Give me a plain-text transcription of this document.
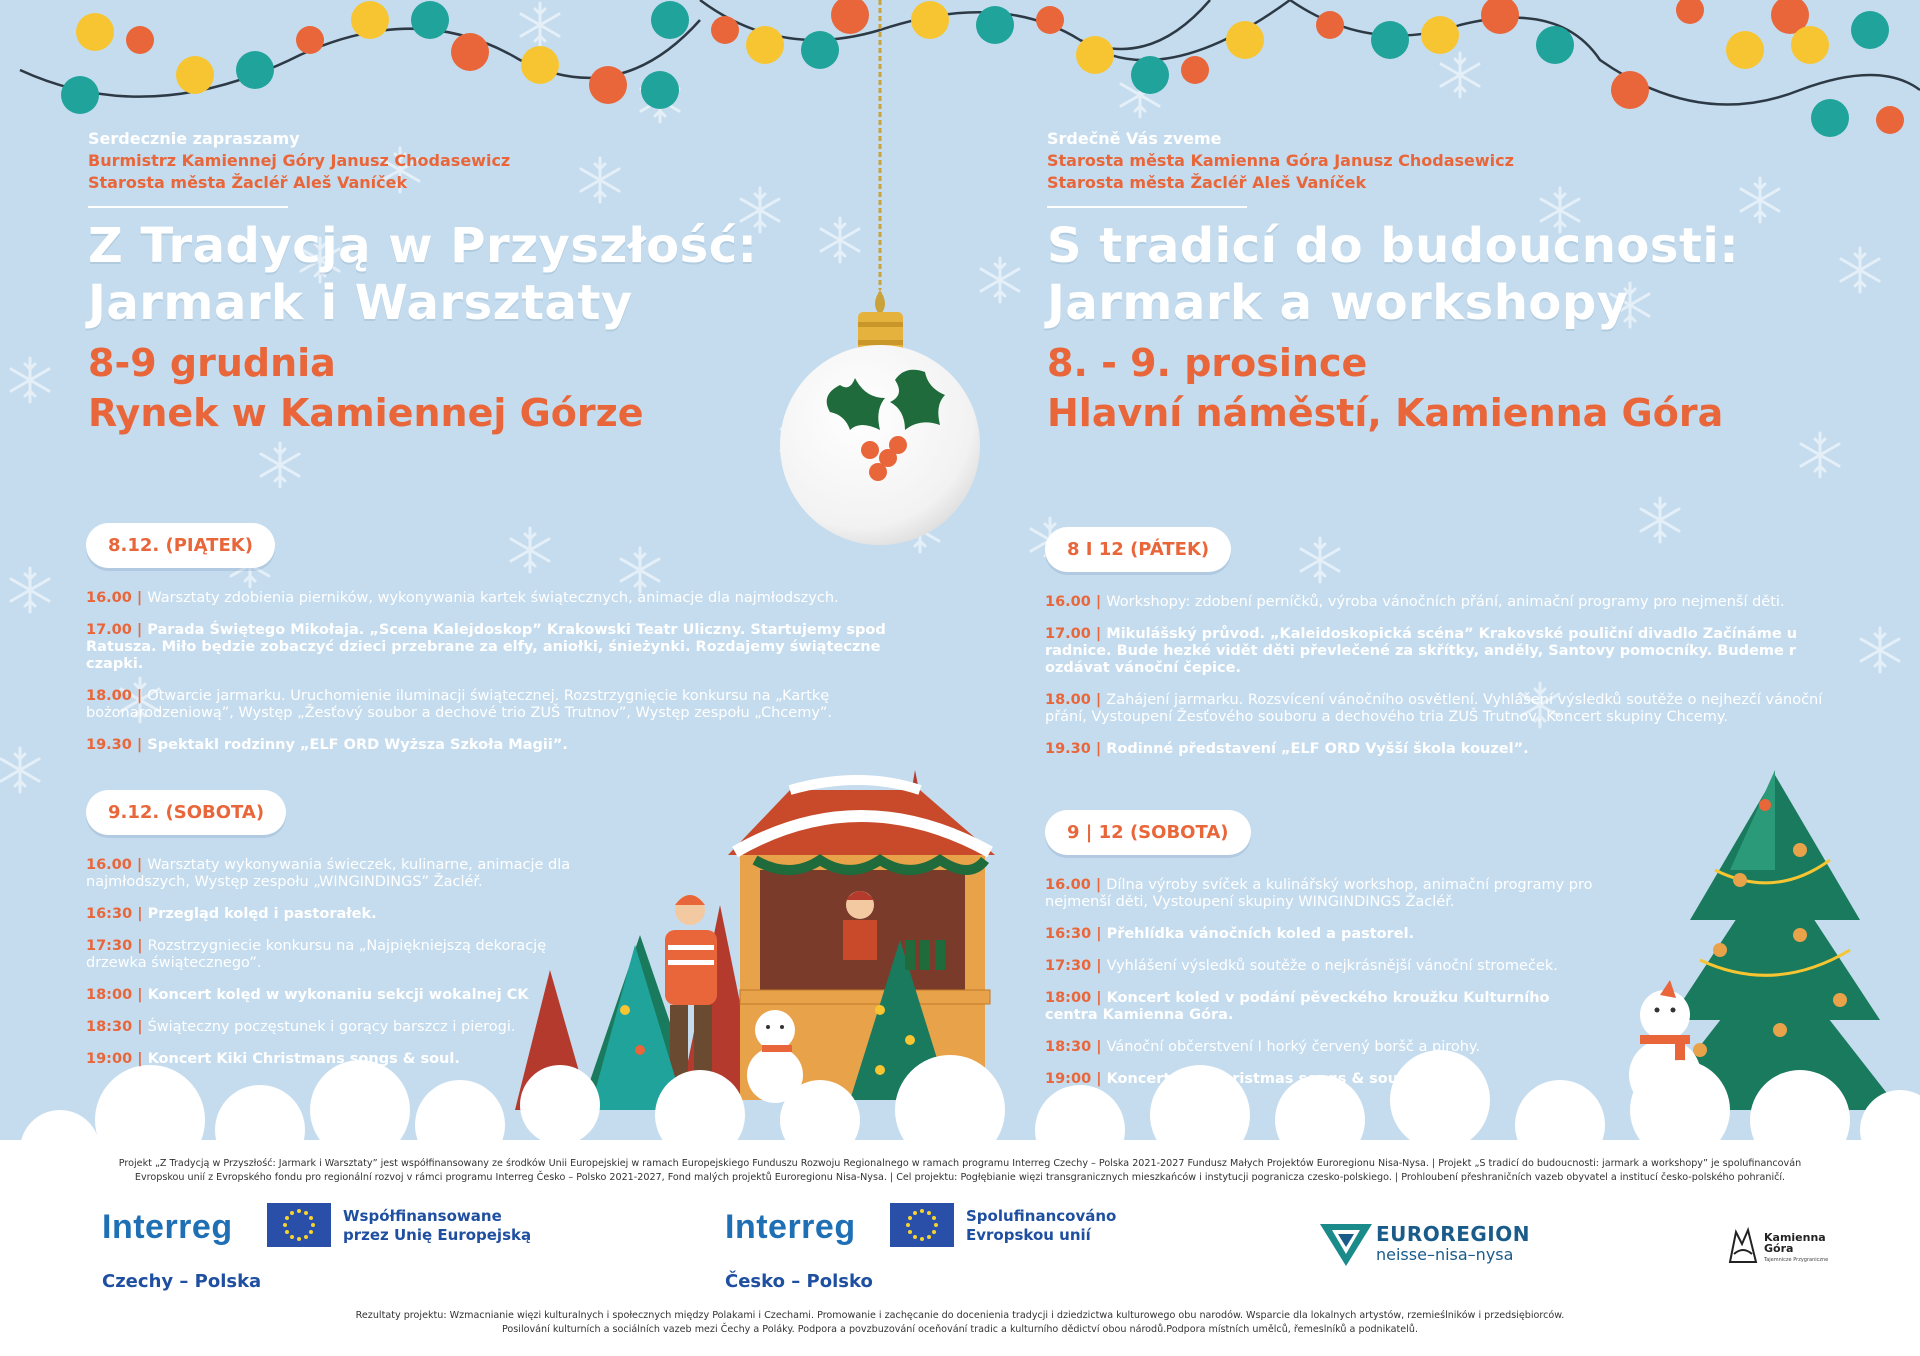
Serdecznie zapraszamy
Burmistrz Kamiennej Góry Janusz Chodasewicz
Starosta města Žacléř Aleš Vaníček
Z Tradycją w Przyszłość:
Jarmark i Warsztaty
8-9 grudnia
Rynek w Kamiennej Górze
8.12. (PIĄTEK)
16.00 | Warsztaty zdobienia pierników, wykonywania kartek świątecznych, animacje dla najmłodszych.
17.00 | Parada Świętego Mikołaja. „Scena Kalejdoskop” Krakowski Teatr Uliczny. Startujemy spod Ratusza. Miło będzie zobaczyć dzieci przebrane za elfy, aniołki, śnieżynki. Rozdajemy świąteczne czapki.
18.00 | Otwarcie jarmarku. Uruchomienie iluminacji świątecznej. Rozstrzygnięcie konkursu na „Kartkę bożonarodzeniową”, Występ „Žesťový soubor a dechové trio ZUŠ Trutnov”, Występ zespołu „Chcemy”.
19.30 | Spektakl rodzinny „ELF ORD Wyższa Szkoła Magii”.
9.12. (SOBOTA)
16.00 | Warsztaty wykonywania świeczek, kulinarne, animacje dla najmłodszych, Występ zespołu „WINGINDINGS” Žacléř.
16:30 | Przegląd kolęd i pastorałek.
17:30 | Rozstrzygniecie konkursu na „Najpiękniejszą dekorację drzewka świątecznego”.
18:00 | Koncert kolęd w wykonaniu sekcji wokalnej CK
18:30 | Świąteczny poczęstunek i gorący barszcz i pierogi.
19:00 | Koncert Kiki Christmans songs & soul.
Srdečně Vás zveme
Starosta města Kamienna Góra Janusz Chodasewicz
Starosta města Žacléř Aleš Vaníček
S tradicí do budoucnosti:
Jarmark a workshopy
8. - 9. prosince
Hlavní náměstí, Kamienna Góra
8 I 12 (PÁTEK)
16.00 | Workshopy: zdobení perníčků, výroba vánočních přání, animační programy pro nejmenší děti.
17.00 | Mikulášský průvod. „Kaleidoskopická scéna” Krakovské pouliční divadlo Začínáme u radnice. Bude hezké vidět děti převlečené za skřítky, anděly, Santovy pomocníky. Budeme r ozdávat vánoční čepice.
18.00 | Zahájení jarmarku. Rozsvícení vánočního osvětlení. Vyhlášení výsledků soutěže o nejhezčí vánoční přání, Vystoupení Žesťového souboru a dechového tria ZUŠ Trutnov, Koncert skupiny Chcemy.
19.30 | Rodinné představení „ELF ORD Vyšší škola kouzel”.
9 | 12 (SOBOTA)
16.00 | Dílna výroby svíček a kulinářský workshop, animační programy pro nejmenší děti, Vystoupení skupiny WINGINDINGS Žacléř.
16:30 | Přehlídka vánočních koled a pastorel.
17:30 | Vyhlášení výsledků soutěže o nejkrásnější vánoční stromeček.
18:00 | Koncert koled v podání pěveckého kroužku Kulturního centra Kamienna Góra.
18:30 | Vánoční občerstvení I horký červený boršč a pirohy.
19:00 | Koncert Kiki Christmas songs & soul.
Projekt „Z Tradycją w Przyszłość: Jarmark i Warsztaty” jest współfinansowany ze środków Unii Europejskiej w ramach Europejskiego Funduszu Rozwoju Regionalnego w ramach programu Interreg Czechy – Polska 2021-2027 Fundusz Małych Projektów Euroregionu Nisa-Nysa. | Projekt „S tradicí do budoucnosti: jarmark a workshopy” je spolufinancován
Evropskou unií z Evropského fondu pro regionální rozvoj v rámci programu Interreg Česko – Polsko 2021-2027, Fond malých projektů Euroregionu Nisa-Nysa. | Cel projektu: Pogłębianie więzi transgranicznych mieszkańców i instytucji pogranicza czesko-polskiego. | Prohloubení přeshraničních vazeb obyvatel a institucí česko-polského pohraničí.
Interreg	Współfinansowane
przez Unię Europejską
Czechy – Polska
Interreg	Spolufinancováno
Evropskou unií
Česko – Polsko
EUROREGION
neisse–nisa–nysa
Kamienna
Góra
Tajemnicze Przygraniczne
Rezultaty projektu: Wzmacnianie więzi kulturalnych i społecznych między Polakami i Czechami. Promowanie i zachęcanie do docenienia tradycji i dziedzictwa kulturowego obu narodów. Wsparcie dla lokalnych artystów, rzemieślników i przedsiębiorców.
Posilování kulturních a sociálních vazeb mezi Čechy a Poláky. Podpora a povzbuzování oceňování tradic a kulturního dědictví obou národů.Podpora místních umělců, řemeslníků a podnikatelů.
